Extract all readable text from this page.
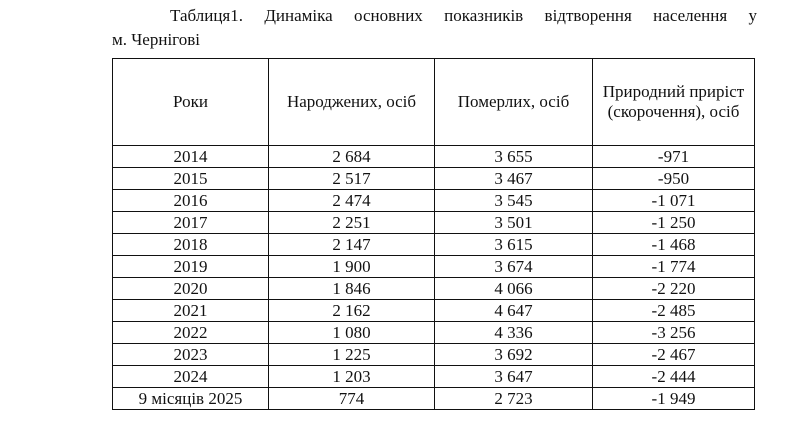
Таблиця1. Динаміка основних показників відтворення населення у
м. Чернігові
Роки	Народжених, осіб	Померлих, осіб	Природний приріст (скорочення), осіб
2014	2 684	3 655	-971
2015	2 517	3 467	-950
2016	2 474	3 545	-1 071
2017	2 251	3 501	-1 250
2018	2 147	3 615	-1 468
2019	1 900	3 674	-1 774
2020	1 846	4 066	-2 220
2021	2 162	4 647	-2 485
2022	1 080	4 336	-3 256
2023	1 225	3 692	-2 467
2024	1 203	3 647	-2 444
9 місяців 2025	774	2 723	-1 949
